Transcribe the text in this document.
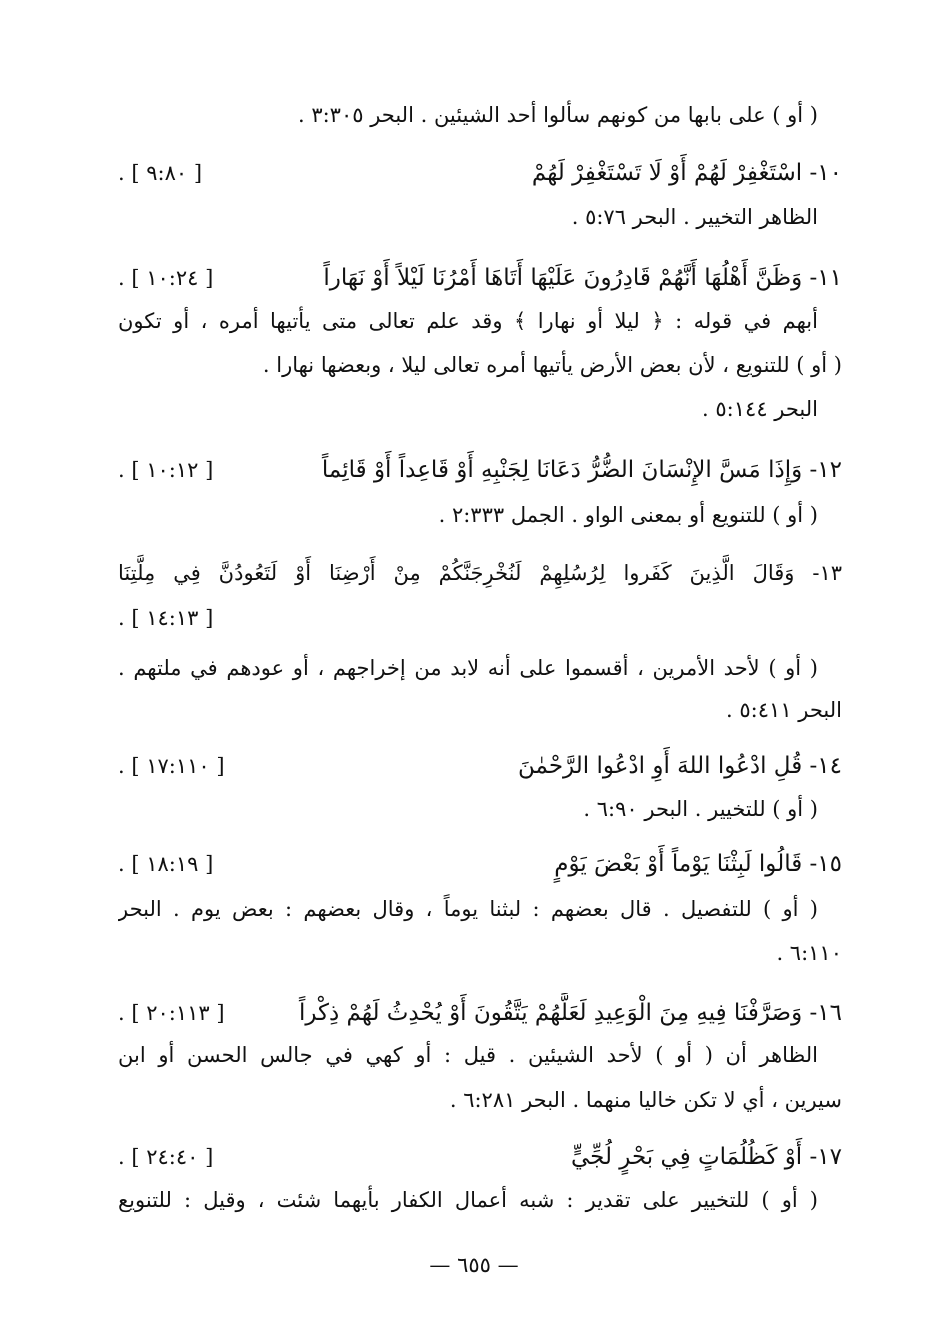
( أو ) على بابها من كونهم سألوا أحد الشيئين . البحر ٣:٣٠٥ .
١٠- اسْتَغْفِرْ لَهُمْ أَوْ لَا تَسْتَغْفِرْ لَهُمْ
[ ٩:٨٠ ] .
الظاهر التخيير . البحر ٥:٧٦ .
١١- وَظَنَّ أَهْلُهَا أَنَّهُمْ قَادِرُونَ عَلَيْهَا أَتَاهَا أَمْرُنَا لَيْلاً أَوْ نَهَاراً
[ ١٠:٢٤ ] .
أبهم في قوله : ﴿ ليلا أو نهارا ﴾ وقد علم تعالى متى يأتيها أمره ، أو تكون
( أو ) للتنويع ، لأن بعض الأرض يأتيها أمره تعالى ليلا ، وبعضها نهارا .
البحر ٥:١٤٤ .
١٢- وَإِذَا مَسَّ الإِنْسَانَ الضُّرُّ دَعَانَا لِجَنْبِهِ أَوْ قَاعِداً أَوْ قَائِماً
[ ١٠:١٢ ] .
( أو ) للتنويع أو بمعنى الواو . الجمل ٢:٣٣٣ .
١٣- وَقَالَ الَّذِينَ كَفَروا لِرُسُلِهِمْ لَنُخْرِجَنَّكُمْ مِنْ أَرْضِنَا أَوْ لَتَعُودُنَّ فِي مِلَّتِنَا
[ ١٤:١٣ ] .
( أو ) لأحد الأمرين ، أقسموا على أنه لابد من إخراجهم ، أو عودهم في ملتهم .
البحر ٥:٤١١ .
١٤- قُلِ ادْعُوا اللهَ أَوِ ادْعُوا الرَّحْمٰنَ
[ ١٧:١١٠ ] .
( أو ) للتخيير . البحر ٦:٩٠ .
١٥- قَالُوا لَبِثْنَا يَوْماً أَوْ بَعْضَ يَوْمٍ
[ ١٨:١٩ ] .
( أو ) للتفصيل . قال بعضهم : لبثنا يوماً ، وقال بعضهم : بعض يوم . البحر
٦:١١٠ .
١٦- وَصَرَّفْنَا فِيهِ مِنَ الْوَعِيدِ لَعَلَّهُمْ يَتَّقُونَ أَوْ يُحْدِثُ لَهُمْ ذِكْراً
[ ٢٠:١١٣ ] .
الظاهر أن ( أو ) لأحد الشيئين . قيل : أو كهي في جالس الحسن أو ابن
سيرين ، أي لا تكن خاليا منهما . البحر ٦:٢٨١ .
١٧- أَوْ كَظُلُمَاتٍ فِي بَحْرٍ لُجِّيٍّ
[ ٢٤:٤٠ ] .
( أو ) للتخيير على تقدير : شبه أعمال الكفار بأيهما شئت ، وقيل : للتنويع
— ٦٥٥ —
